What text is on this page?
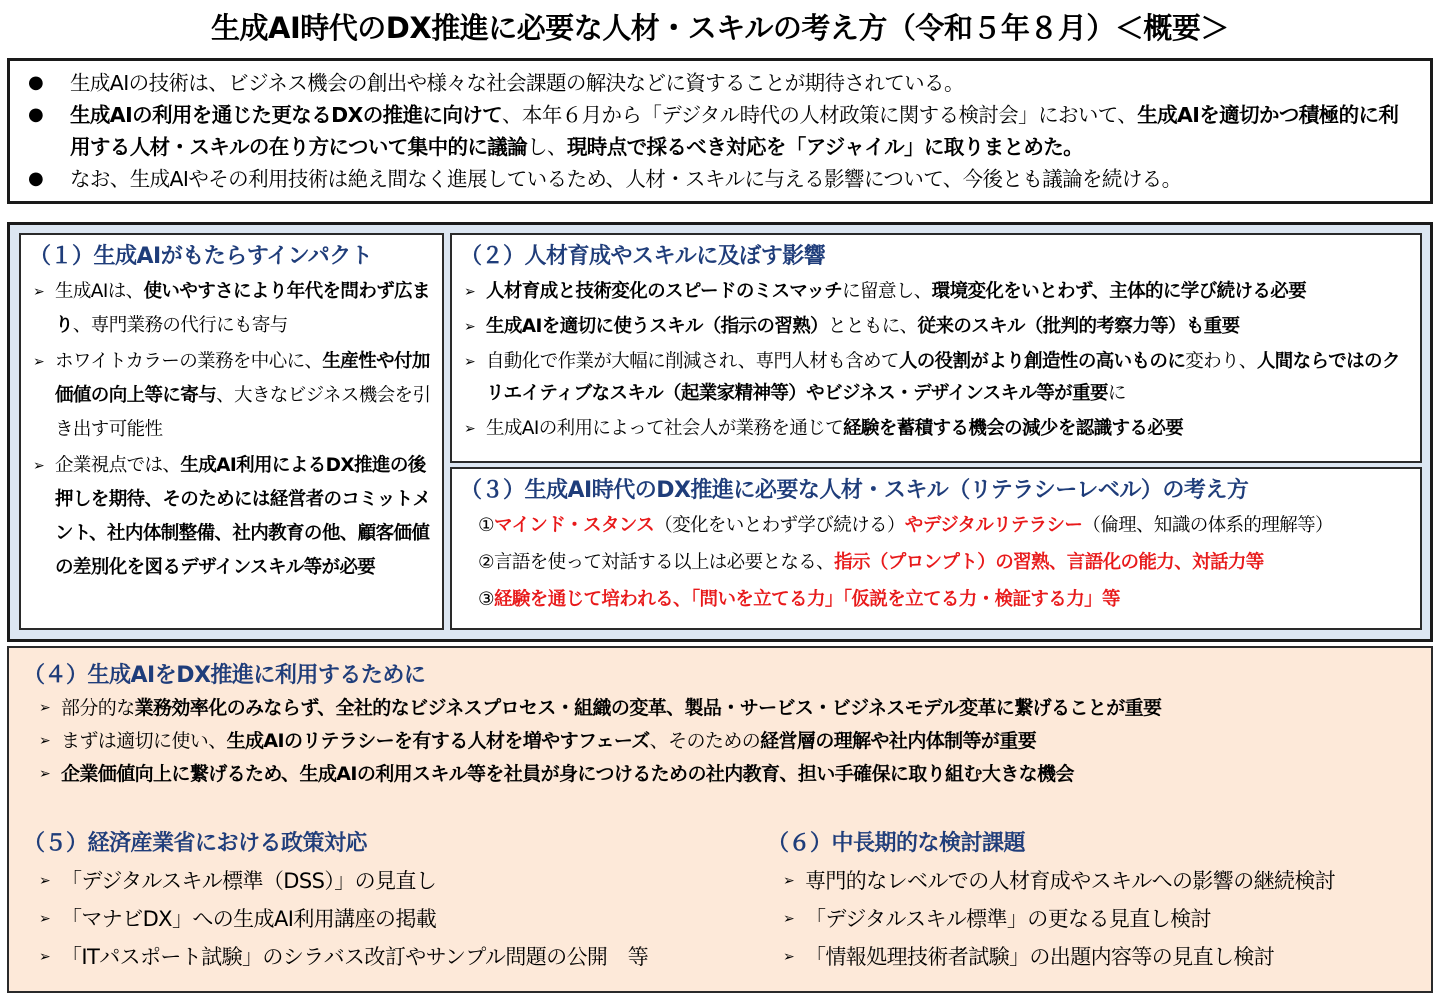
生成AI時代のDX推進に必要な人材・スキルの考え方（令和５年８月）＜概要＞
●	生成AIの技術は、ビジネス機会の創出や様々な社会課題の解決などに資することが期待されている。
●	生成AIの利用を通じた更なるDXの推進に向けて、本年６月から「デジタル時代の人材政策に関する検討会」において、生成AIを適切かつ積極的に利用する人材・スキルの在り方について集中的に議論し、現時点で採るべき対応を「アジャイル」に取りまとめた。
●	なお、生成AIやその利用技術は絶え間なく進展しているため、人材・スキルに与える影響について、今後とも議論を続ける。
（１）生成AIがもたらすインパクト
➢ 生成AIは、使いやすさにより年代を問わず広まり、専門業務の代行にも寄与
➢ ホワイトカラーの業務を中心に、生産性や付加価値の向上等に寄与、大きなビジネス機会を引き出す可能性
➢ 企業視点では、生成AI利用によるDX推進の後押しを期待、そのためには経営者のコミットメント、社内体制整備、社内教育の他、顧客価値の差別化を図るデザインスキル等が必要
（２）人材育成やスキルに及ぼす影響
➢ 人材育成と技術変化のスピードのミスマッチに留意し、環境変化をいとわず、主体的に学び続ける必要
➢ 生成AIを適切に使うスキル（指示の習熟）とともに、従来のスキル（批判的考察力等）も重要
➢ 自動化で作業が大幅に削減され、専門人材も含めて人の役割がより創造性の高いものに変わり、人間ならではのクリエイティブなスキル（起業家精神等）やビジネス・デザインスキル等が重要に
➢ 生成AIの利用によって社会人が業務を通じて経験を蓄積する機会の減少を認識する必要
（３）生成AI時代のDX推進に必要な人材・スキル（リテラシーレベル）の考え方
①マインド・スタンス（変化をいとわず学び続ける）やデジタルリテラシー（倫理、知識の体系的理解等）
②言語を使って対話する以上は必要となる、指示（プロンプト）の習熟、言語化の能力、対話力等
③経験を通じて培われる、「問いを立てる力」「仮説を立てる力・検証する力」等
（４）生成AIをDX推進に利用するために
➢ 部分的な業務効率化のみならず、全社的なビジネスプロセス・組織の変革、製品・サービス・ビジネスモデル変革に繋げることが重要
➢ まずは適切に使い、生成AIのリテラシーを有する人材を増やすフェーズ、そのための経営層の理解や社内体制等が重要
➢ 企業価値向上に繋げるため、生成AIの利用スキル等を社員が身につけるための社内教育、担い手確保に取り組む大きな機会
（５）経済産業省における政策対応
➢ 「デジタルスキル標準（DSS）」の見直し
➢ 「マナビDX」への生成AI利用講座の掲載
➢ 「ITパスポート試験」のシラバス改訂やサンプル問題の公開　等
（６）中長期的な検討課題
➢ 専門的なレベルでの人材育成やスキルへの影響の継続検討
➢ 「デジタルスキル標準」の更なる見直し検討
➢ 「情報処理技術者試験」の出題内容等の見直し検討
